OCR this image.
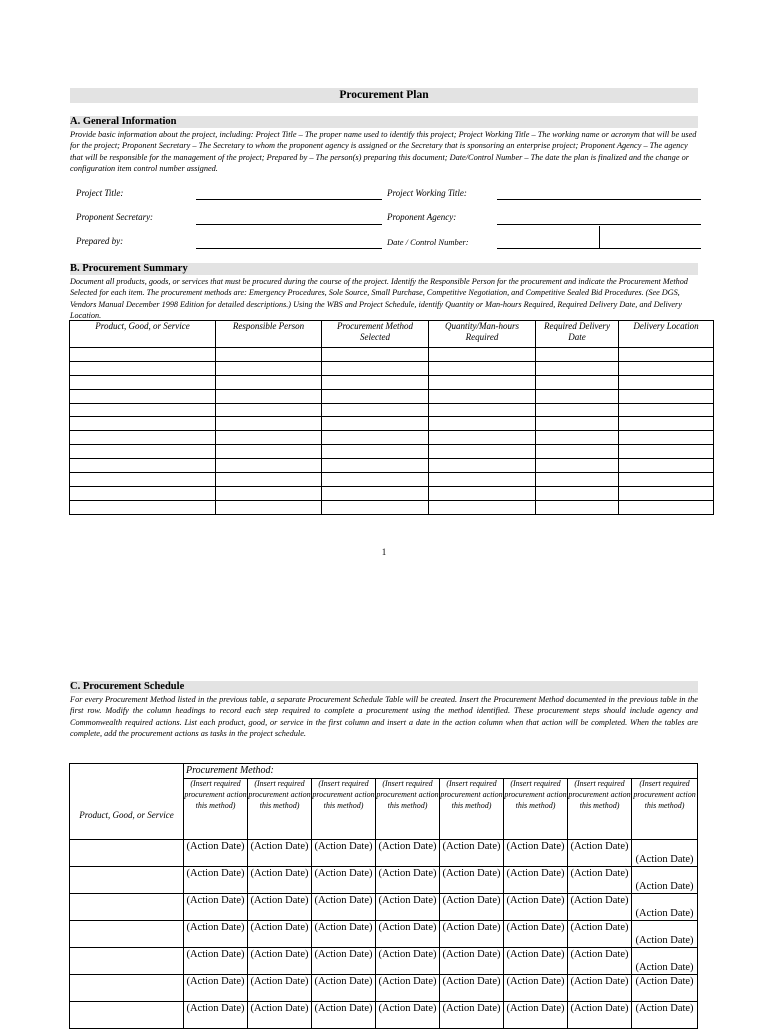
Procurement Plan
A. General Information
Provide basic information about the project, including: Project Title – The proper name used to identify this project; Project Working Title – The working name or acronym that will be used for the project; Proponent Secretary – The Secretary to whom the proponent agency is assigned or the Secretary that is sponsoring an enterprise project; Proponent Agency – The agency that will be responsible for the management of the project; Prepared by – The person(s) preparing this document; Date/Control Number – The date the plan is finalized and the change or configuration item control number assigned.
Project Title:	Project Working Title:
Proponent Secretary:	Proponent Agency:
Prepared by:	Date / Control Number:
B. Procurement Summary
Document all products, goods, or services that must be procured during the course of the project. Identify the Responsible Person for the procurement and indicate the Procurement Method Selected for each item. The procurement methods are: Emergency Procedures, Sole Source, Small Purchase, Competitive Negotiation, and Competitive Sealed Bid Procedures. (See DGS, Vendors Manual December 1998 Edition for detailed descriptions.) Using the WBS and Project Schedule, identify Quantity or Man-hours Required, Required Delivery Date, and Delivery Location.
Product, Good, or Service	Responsible Person	Procurement Method Selected	Quantity/Man-hours Required	Required Delivery Date	Delivery Location

1
C. Procurement Schedule
For every Procurement Method listed in the previous table, a separate Procurement Schedule Table will be created. Insert the Procurement Method documented in the previous table in the first row. Modify the column headings to record each step required to complete a procurement using the method identified. These procurement steps should include agency and Commonwealth required actions. List each product, good, or service in the first column and insert a date in the action column when that action will be completed. When the tables are complete, add the procurement actions as tasks in the project schedule.
Product, Good, or Service	Procurement Method:							
	(Insert required procurement action this method)	(Insert required procurement action this method)	(Insert required procurement action this method)	(Insert required procurement action this method)	(Insert required procurement action this method)	(Insert required procurement action this method)	(Insert required procurement action this method)	(Insert required procurement action this method)
	(Action Date)	(Action Date)	(Action Date)	(Action Date)	(Action Date)	(Action Date)	(Action Date)	(Action Date)
	(Action Date)	(Action Date)	(Action Date)	(Action Date)	(Action Date)	(Action Date)	(Action Date)	(Action Date)
	(Action Date)	(Action Date)	(Action Date)	(Action Date)	(Action Date)	(Action Date)	(Action Date)	(Action Date)
	(Action Date)	(Action Date)	(Action Date)	(Action Date)	(Action Date)	(Action Date)	(Action Date)	(Action Date)
	(Action Date)	(Action Date)	(Action Date)	(Action Date)	(Action Date)	(Action Date)	(Action Date)	(Action Date)
	(Action Date)	(Action Date)	(Action Date)	(Action Date)	(Action Date)	(Action Date)	(Action Date)	(Action Date)
	(Action Date)	(Action Date)	(Action Date)	(Action Date)	(Action Date)	(Action Date)	(Action Date)	(Action Date)
